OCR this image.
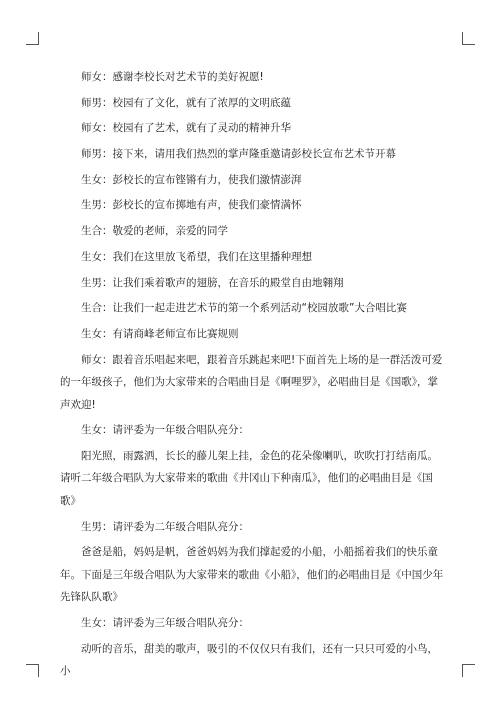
师女：感谢李校长对艺术节的美好祝愿!

师男：校园有了文化，就有了浓厚的文明底蕴

师女：校园有了艺术，就有了灵动的精神升华

师男：接下来，请用我们热烈的掌声隆重邀请彭校长宣布艺术节开幕

生女：彭校长的宣布铿锵有力，使我们激情澎湃

生男：彭校长的宣布掷地有声，使我们豪情满怀

生合：敬爱的老师，亲爱的同学

生女：我们在这里放飞希望，我们在这里播种理想

生男：让我们乘着歌声的翅膀，在音乐的殿堂自由地翱翔

生合：让我们一起走进艺术节的第一个系列活动“校园放歌”大合唱比赛

生女：有请商峰老师宣布比赛规则

师女：跟着音乐唱起来吧，跟着音乐跳起来吧!下面首先上场的是一群活泼可爱的一年级孩子，他们为大家带来的合唱曲目是《啊哩罗》，必唱曲目是《国歌》，掌声欢迎!

生女：请评委为一年级合唱队亮分：

阳光照，雨露洒，长长的藤儿架上挂，金色的花朵像喇叭，吹吹打打结南瓜。请听二年级合唱队为大家带来的歌曲《井冈山下种南瓜》，他们的必唱曲目是《国歌》

生男：请评委为二年级合唱队亮分：

爸爸是船，妈妈是帆，爸爸妈妈为我们撑起爱的小船，小船摇着我们的快乐童年。下面是三年级合唱队为大家带来的歌曲《小船》，他们的必唱曲目是《中国少年先锋队队歌》

生女：请评委为三年级合唱队亮分：

动听的音乐，甜美的歌声，吸引的不仅仅只有我们，还有一只只可爱的小鸟，小
